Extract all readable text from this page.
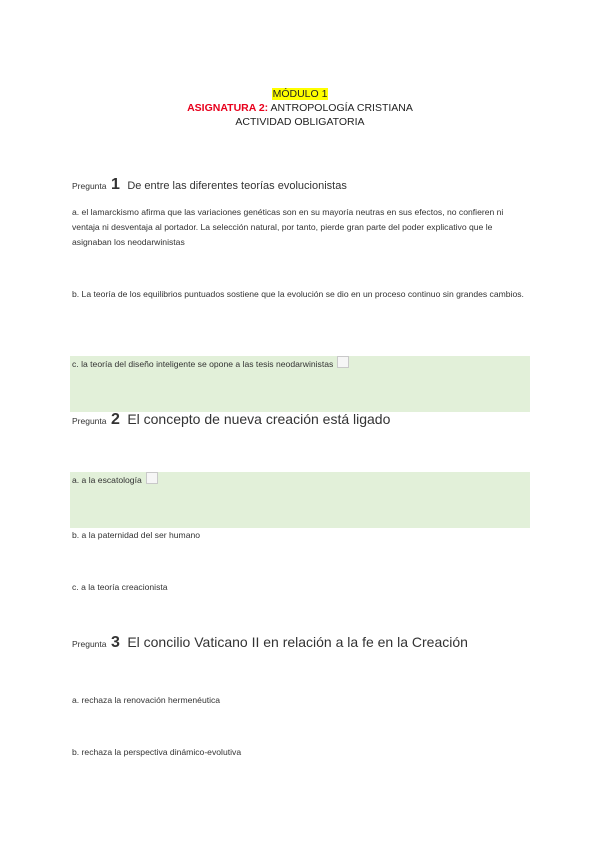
MÓDULO 1
ASIGNATURA 2: ANTROPOLOGÍA CRISTIANA
ACTIVIDAD OBLIGATORIA
Pregunta 1 De entre las diferentes teorías evolucionistas
a. el lamarckismo afirma que las variaciones genéticas son en su mayoría neutras en sus efectos, no confieren ni ventaja ni desventaja al portador. La selección natural, por tanto, pierde gran parte del poder explicativo que le asignaban los neodarwinistas
b. La teoría de los equilibrios puntuados sostiene que la evolución se dio en un proceso continuo sin grandes cambios.
c. la teoría del diseño inteligente se opone a las tesis neodarwinistas
Pregunta 2 El concepto de nueva creación está ligado
a. a la escatología
b. a la paternidad del ser humano
c. a la teoría creacionista
Pregunta 3 El concilio Vaticano II en relación a la fe en la Creación
a. rechaza la renovación hermenéutica
b. rechaza la perspectiva dinámico-evolutiva
